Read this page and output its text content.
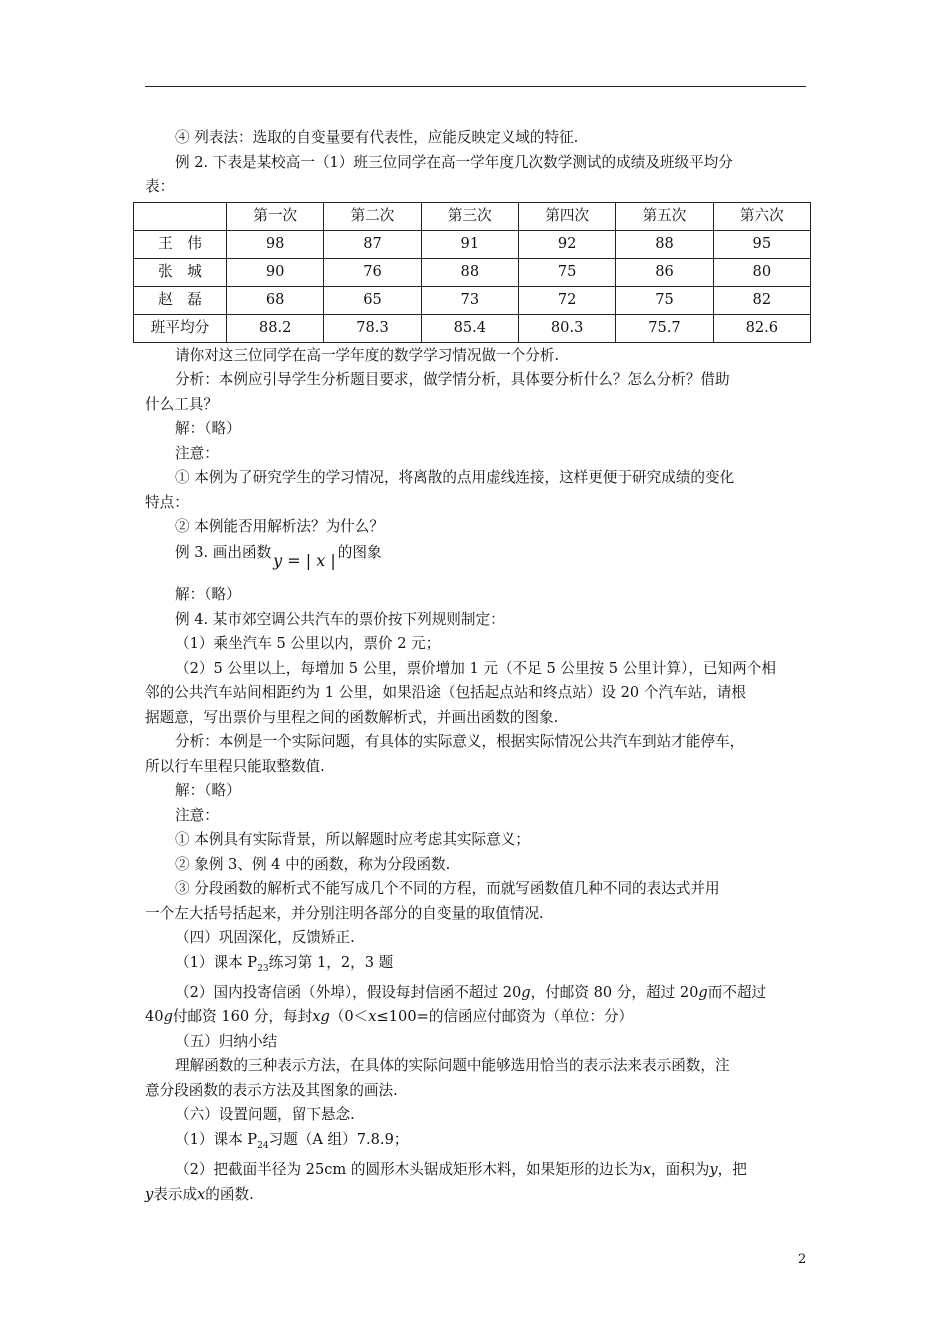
④ 列表法：选取的自变量要有代表性，应能反映定义域的特征.

例 2. 下表是某校高一（1）班三位同学在高一学年度几次数学测试的成绩及班级平均分

表：

	第一次	第二次	第三次	第四次	第五次	第六次
王　伟	98	87	91	92	88	95
张　城	90	76	88	75	86	80
赵　磊	68	65	73	72	75	82
班平均分	88.2	78.3	85.4	80.3	75.7	82.6

请你对这三位同学在高一学年度的数学学习情况做一个分析.

分析：本例应引导学生分析题目要求，做学情分析，具体要分析什么？怎么分析？借助

什么工具？

解：（略）

注意：

① 本例为了研究学生的学习情况，将离散的点用虚线连接，这样更便于研究成绩的变化

特点：

② 本例能否用解析法？为什么？

例 3. 画出函数 y = | x | 的图象

解：（略）

例 4. 某市郊空调公共汽车的票价按下列规则制定：

（1）乘坐汽车 5 公里以内，票价 2 元；

（2）5 公里以上，每增加 5 公里，票价增加 1 元（不足 5 公里按 5 公里计算），已知两个相

邻的公共汽车站间相距约为 1 公里，如果沿途（包括起点站和终点站）设 20 个汽车站，请根

据题意，写出票价与里程之间的函数解析式，并画出函数的图象.

分析：本例是一个实际问题，有具体的实际意义，根据实际情况公共汽车到站才能停车，

所以行车里程只能取整数值.

解：（略）

注意：

① 本例具有实际背景，所以解题时应考虑其实际意义；

② 象例 3、例 4 中的函数，称为分段函数.

③ 分段函数的解析式不能写成几个不同的方程，而就写函数值几种不同的表达式并用

一个左大括号括起来，并分别注明各部分的自变量的取值情况.

（四）巩固深化，反馈矫正.

（1）课本 $P_{23}$练习第 1，2，3 题

（2）国内投寄信函（外埠），假设每封信函不超过 20g，付邮资 80 分，超过 20g而不超过

40g付邮资 160 分，每封xg（0＜x≤100=的信函应付邮资为（单位：分）

（五）归纳小结

理解函数的三种表示方法，在具体的实际问题中能够选用恰当的表示法来表示函数，注

意分段函数的表示方法及其图象的画法.

（六）设置问题，留下悬念.

（1）课本 $P_{24}$习题（A 组）7.8.9；

（2）把截面半径为 25cm 的圆形木头锯成矩形木料，如果矩形的边长为x，面积为y，把

y表示成x的函数.

2
